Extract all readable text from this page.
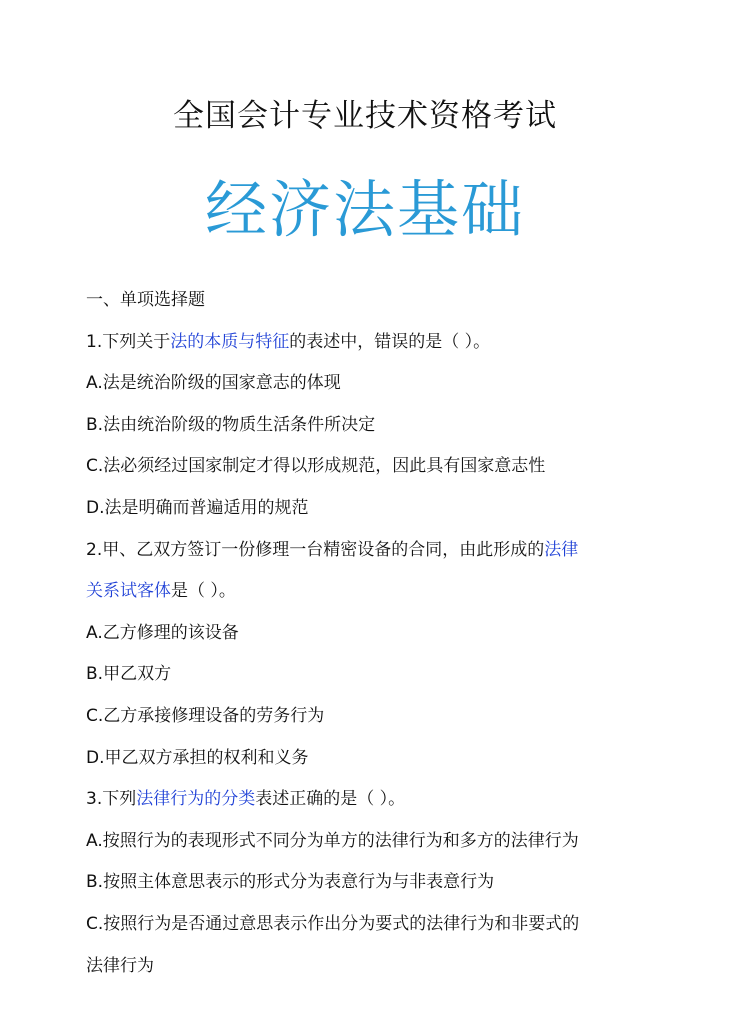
全国会计专业技术资格考试
经济法基础
一、单项选择题
1.下列关于法的本质与特征的表述中，错误的是（ ）。
A.法是统治阶级的国家意志的体现
B.法由统治阶级的物质生活条件所决定
C.法必须经过国家制定才得以形成规范，因此具有国家意志性
D.法是明确而普遍适用的规范
2.甲、乙双方签订一份修理一台精密设备的合同，由此形成的法律
关系试客体是（ ）。
A.乙方修理的该设备
B.甲乙双方
C.乙方承接修理设备的劳务行为
D.甲乙双方承担的权利和义务
3.下列法律行为的分类表述正确的是（ ）。
A.按照行为的表现形式不同分为单方的法律行为和多方的法律行为
B.按照主体意思表示的形式分为表意行为与非表意行为
C.按照行为是否通过意思表示作出分为要式的法律行为和非要式的
法律行为
